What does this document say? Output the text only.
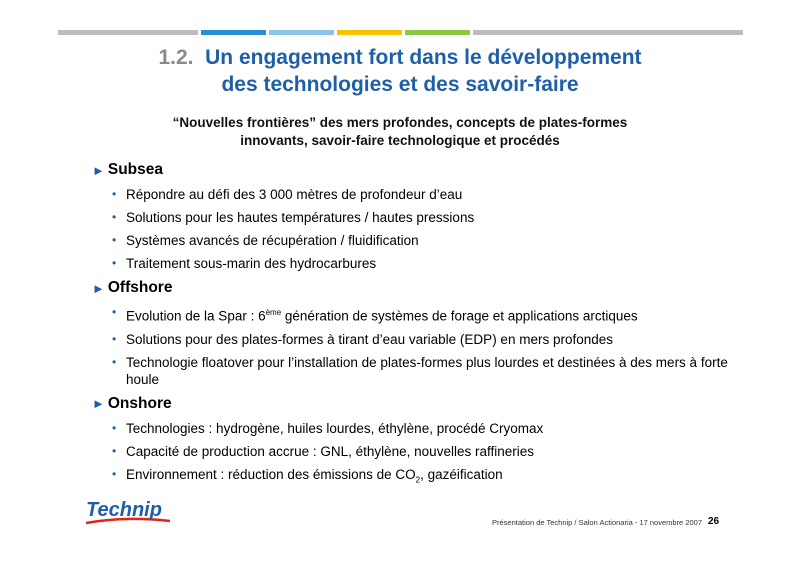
1.2. Un engagement fort dans le développement
des technologies et des savoir-faire
“Nouvelles frontières” des mers profondes, concepts de plates-formes
innovants, savoir-faire technologique et procédés
► Subsea
• Répondre au défi des 3 000 mètres de profondeur d’eau
• Solutions pour les hautes températures / hautes pressions
• Systèmes avancés de récupération / fluidification
• Traitement sous-marin des hydrocarbures
► Offshore
• Evolution de la Spar : 6ème génération de systèmes de forage et applications arctiques
• Solutions pour des plates-formes à tirant d’eau variable (EDP) en mers profondes
• Technologie floatover pour l’installation de plates-formes plus lourdes et destinées à des mers à forte houle
► Onshore
• Technologies : hydrogène, huiles lourdes, éthylène, procédé Cryomax
• Capacité de production accrue : GNL, éthylène, nouvelles raffineries
• Environnement : réduction des émissions de $CO_2$, gazéification
Technip
Présentation de Technip / Salon Actionaria - 17 novembre 2007 26
